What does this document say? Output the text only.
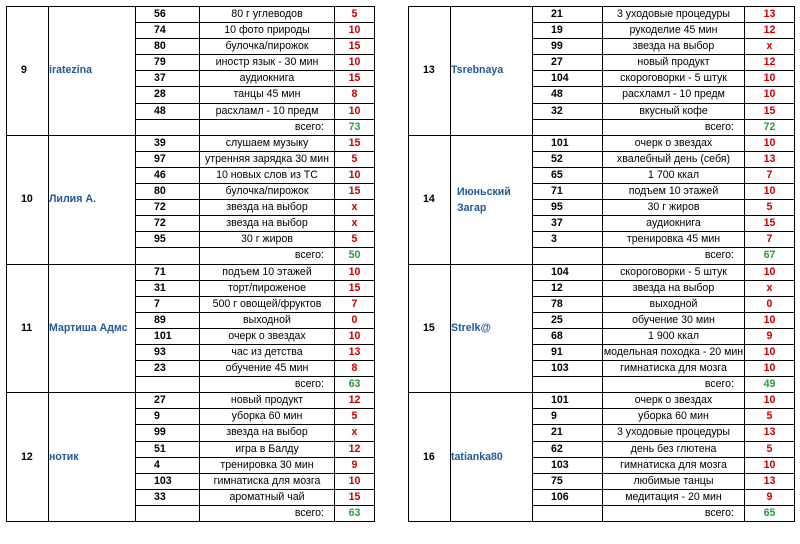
9	iratezina	56	80 г углеводов	5
		74	10 фото природы	10
		80	булочка/пирожок	15
		79	иностр язык - 30 мин	10
		37	аудиокнига	15
		28	танцы 45 мин	8
		48	расхламл - 10 предм	10
			всего:	73
10	Лилия А.	39	слушаем музыку	15
		97	утренняя зарядка 30 мин	5
		46	10 новых слов из ТС	10
		80	булочка/пирожок	15
		72	звезда на выбор	x
		72	звезда на выбор	x
		95	30 г жиров	5
			всего:	50
11	Мартиша Адмс	71	подъем 10 этажей	10
		31	торт/пироженое	15
		7	500 г овощей/фруктов	7
		89	выходной	0
		101	очерк о звездах	10
		93	час из детства	13
		23	обучение 45 мин	8
			всего:	63
12	нотик	27	новый продукт	12
		9	уборка 60 мин	5
		99	звезда на выбор	x
		51	игра в Балду	12
		4	тренировка 30 мин	9
		103	гимнатиска для мозга	10
		33	ароматный чай	15
			всего:	63
13	Tsrebnaya	21	3 уходовые процедуры	13
		19	рукоделие 45 мин	12
		99	звезда на выбор	x
		27	новый продукт	12
		104	скороговорки - 5 штук	10
		48	расхламл - 10 предм	10
		32	вкусный кофе	15
			всего:	72
14	Июньский Загар	101	очерк о звездах	10
		52	хвалебный день (себя)	13
		65	1 700 ккал	7
		71	подъем 10 этажей	10
		95	30 г жиров	5
		37	аудиокнига	15
		3	тренировка 45 мин	7
			всего:	67
15	Strelk@	104	скороговорки - 5 штук	10
		12	звезда на выбор	x
		78	выходной	0
		25	обучение 30 мин	10
		68	1 900 ккал	9
		91	модельная походка - 20 мин	10
		103	гимнатиска для мозга	10
			всего:	49
16	tatianka80	101	очерк о звездах	10
		9	уборка 60 мин	5
		21	3 уходовые процедуры	13
		62	день без глютена	5
		103	гимнатиска для мозга	10
		75	любимые танцы	13
		106	медитация - 20 мин	9
			всего:	65
